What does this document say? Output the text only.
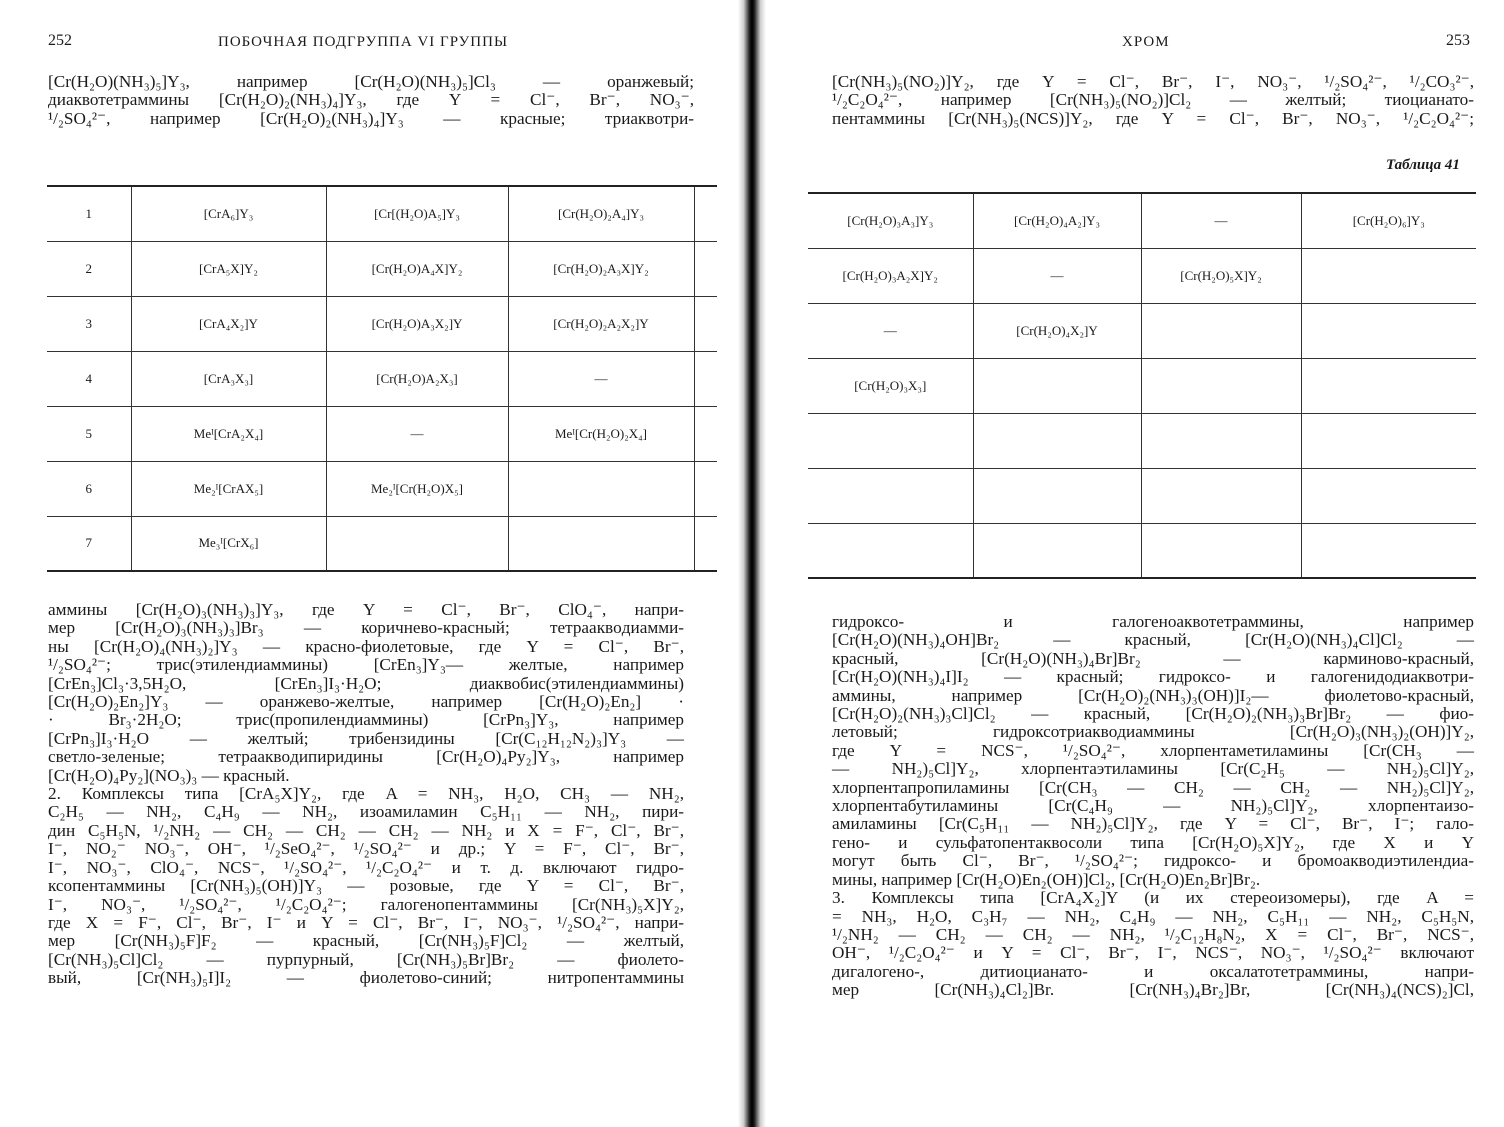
252	ПОБОЧНАЯ ПОДГРУППА VI ГРУППЫ
[Cr(H₂O)(NH₃)₅]Y₃, например [Cr(H₂O)(NH₃)₅]Cl₃ — оранжевый;
диаквотетраммины [Cr(H₂O)₂(NH₃)₄]Y₃, где Y = Cl⁻, Br⁻, NO₃⁻,
¹/₂SO₄²⁻, например [Cr(H₂O)₂(NH₃)₄]Y₃ — красные; триаквотри-
1	[CrA₆]Y₃	[Cr[(H₂O)A₅]Y₃	[Cr(H₂O)₂A₄]Y₃	
2	[CrA₅X]Y₂	[Cr(H₂O)A₄X]Y₂	[Cr(H₂O)₂A₃X]Y₂	
3	[CrA₄X₂]Y	[Cr(H₂O)A₃X₂]Y	[Cr(H₂O)₂A₂X₂]Y	
4	[CrA₃X₃]	[Cr(H₂O)A₂X₃]	—	
5	Meᴵ[CrA₂X₄]	—	Meᴵ[Cr(H₂O)₂X₄]	
6	Me₂ᴵ[CrAX₅]	Me₂ᴵ[Cr(H₂O)X₅]		
7	Me₃ᴵ[CrX₆]			
аммины [Cr(H₂O)₃(NH₃)₃]Y₃, где Y = Cl⁻, Br⁻, ClO₄⁻, напри-
мер [Cr(H₂O)₃(NH₃)₃]Br₃ — коричнево-красный; тетрааквoдиамми-
ны [Cr(H₂O)₄(NH₃)₂]Y₃ — красно-фиолетовые, где Y = Cl⁻, Br⁻,
¹/₂SO₄²⁻; трис(этилендиаммины) [CrEn₃]Y₃— желтые, например
[CrEn₃]Cl₃·3,5H₂O, [CrEn₃]I₃·H₂O; диаквобис(этилендиаммины)
[Cr(H₂O)₂En₂]Y₃ — оранжево-желтые, например [Cr(H₂O)₂En₂] ·
· Br₃·2H₂O; трис(пропилендиаммины) [CrPn₃]Y₃, например
[CrPn₃]I₃·H₂O — желтый; трибензидины [Cr(C₁₂H₁₂N₂)₃]Y₃ —
светло-зеленые; тетраaквoдипиридины [Cr(H₂O)₄Py₂]Y₃, например
[Cr(H₂O)₄Py₂](NO₃)₃ — красный.
2. Комплексы типа [CrA₅X]Y₂, где A = NH₃, H₂O, CH₃ — NH₂,
C₂H₅ — NH₂, C₄H₉ — NH₂, изоамиламин C₅H₁₁ — NH₂, пири-
дин C₅H₅N, ¹/₂NH₂ — CH₂ — CH₂ — CH₂ — NH₂ и X = F⁻, Cl⁻, Br⁻,
I⁻, NO₂⁻ NO₃⁻, OH⁻, ¹/₂SeO₄²⁻, ¹/₂SO₄²⁻ и др.; Y = F⁻, Cl⁻, Br⁻,
I⁻, NO₃⁻, ClO₄⁻, NCS⁻, ¹/₂SO₄²⁻, ¹/₂C₂O₄²⁻ и т. д. включают гидро-
ксопентаммины [Cr(NH₃)₅(OH)]Y₃ — розовые, где Y = Cl⁻, Br⁻,
I⁻, NO₃⁻, ¹/₂SO₄²⁻, ¹/₂C₂O₄²⁻; галогенопентаммины [Cr(NH₃)₅X]Y₂,
где X = F⁻, Cl⁻, Br⁻, I⁻ и Y = Cl⁻, Br⁻, I⁻, NO₃⁻, ¹/₂SO₄²⁻, напри-
мер [Cr(NH₃)₅F]F₂ — красный, [Cr(NH₃)₅F]Cl₂ — желтый,
[Cr(NH₃)₅Cl]Cl₂ — пурпурный, [Cr(NH₃)₅Br]Br₂ — фиолето-
вый, [Cr(NH₃)₅I]I₂ — фиолетово-синий; нитропентаммины
ХРОМ	253
[Cr(NH₃)₅(NO₂)]Y₂, где Y = Cl⁻, Br⁻, I⁻, NO₃⁻, ¹/₂SO₄²⁻, ¹/₂CO₃²⁻,
¹/₂C₂O₄²⁻, например [Cr(NH₃)₅(NO₂)]Cl₂ — желтый; тиоцианато-
пентаммины [Cr(NH₃)₅(NCS)]Y₂, где Y = Cl⁻, Br⁻, NO₃⁻, ¹/₂C₂O₄²⁻;
Таблица 41
[Cr(H₂O)₃A₃]Y₃	[Cr(H₂O)₄A₂]Y₃	—	[Cr(H₂O)₆]Y₃
[Cr(H₂O)₃A₂X]Y₂	—	[Cr(H₂O)₅X]Y₂	
—	[Cr(H₂O)₄X₂]Y		
[Cr(H₂O)₃X₃]			

гидроксо- и галогеноаквотетраммины, например
[Cr(H₂O)(NH₃)₄OH]Br₂ — красный, [Cr(H₂O)(NH₃)₄Cl]Cl₂ —
красный, [Cr(H₂O)(NH₃)₄Br]Br₂ — карминово-красный,
[Cr(H₂O)(NH₃)₄I]I₂ — красный; гидроксо- и галогенидодиаквотри-
аммины, например [Cr(H₂O)₂(NH₃)₃(OH)]I₂— фиолетово-красный,
[Cr(H₂O)₂(NH₃)₃Cl]Cl₂ — красный, [Cr(H₂O)₂(NH₃)₃Br]Br₂ — фио-
летовый; гидроксотриаквoдиаммины [Cr(H₂O)₃(NH₃)₂(OH)]Y₂,
где Y = NCS⁻, ¹/₂SO₄²⁻, хлорпентаметиламины [Cr(CH₃ —
— NH₂)₅Cl]Y₂, хлорпентаэтиламины [Cr(C₂H₅ — NH₂)₅Cl]Y₂,
хлорпентапропиламины [Cr(CH₃ — CH₂ — CH₂ — NH₂)₅Cl]Y₂,
хлорпентабутиламины [Cr(C₄H₉ — NH₂)₅Cl]Y₂, хлорпентаизо-
амиламины [Cr(C₅H₁₁ — NH₂)₅Cl]Y₂, где Y = Cl⁻, Br⁻, I⁻; гало-
гено- и сульфатопентаквосоли типа [Cr(H₂O)₅X]Y₂, где X и Y
могут быть Cl⁻, Br⁻, ¹/₂SO₄²⁻; гидроксо- и бромоаквoдиэтилендиа-
мины, например [Cr(H₂O)En₂(OH)]Cl₂, [Cr(H₂O)En₂Br]Br₂.
3. Комплексы типа [CrA₄X₂]Y (и их стереоизомеры), где A =
= NH₃, H₂O, C₃H₇ — NH₂, C₄H₉ — NH₂, C₅H₁₁ — NH₂, C₅H₅N,
¹/₂NH₂ — CH₂ — CH₂ — NH₂, ¹/₂C₁₂H₈N₂, X = Cl⁻, Br⁻, NCS⁻,
OH⁻, ¹/₂C₂O₄²⁻ и Y = Cl⁻, Br⁻, I⁻, NCS⁻, NO₃⁻, ¹/₂SO₄²⁻ включают
дигалогено-, дитиоцианато- и оксалатотетраммины, напри-
мер [Cr(NH₃)₄Cl₂]Br. [Cr(NH₃)₄Br₂]Br, [Cr(NH₃)₄(NCS)₂]Cl,
